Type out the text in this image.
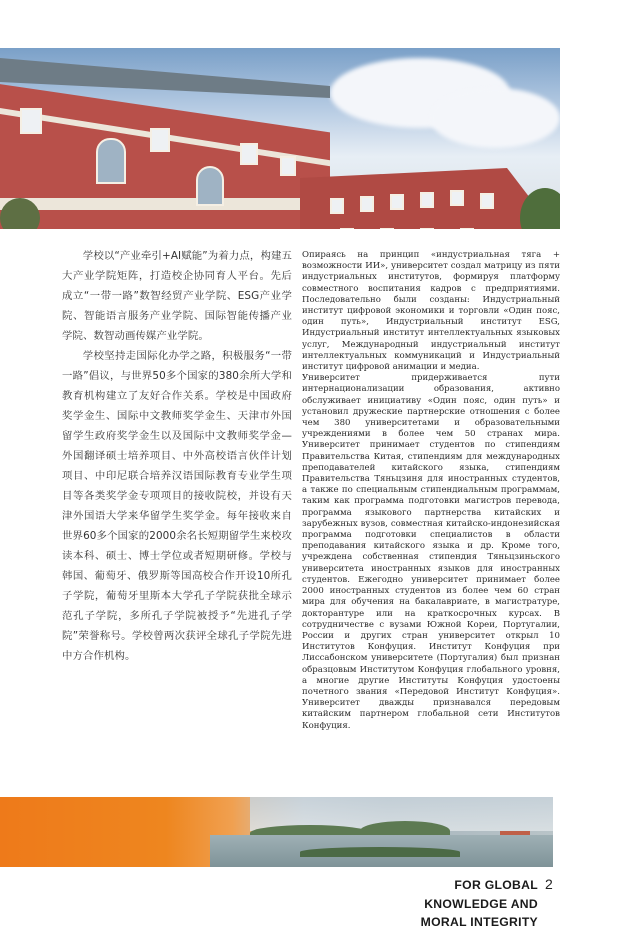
学校以“产业牵引+AI赋能”为着力点，构建五大产业学院矩阵，打造校企协同育人平台。先后成立“一带一路”数智经贸产业学院、ESG产业学院、智能语言服务产业学院、国际智能传播产业学院、数智动画传媒产业学院。

学校坚持走国际化办学之路，积极服务“一带一路”倡议，与世界50多个国家的380余所大学和教育机构建立了友好合作关系。学校是中国政府奖学金生、国际中文教师奖学金生、天津市外国留学生政府奖学金生以及国际中文教师奖学金—外国翻译硕士培养项目、中外高校语言伙伴计划项目、中印尼联合培养汉语国际教育专业学生项目等各类奖学金专项项目的接收院校，并设有天津外国语大学来华留学生奖学金。每年接收来自世界60多个国家的2000余名长短期留学生来校攻读本科、硕士、博士学位或者短期研修。学校与韩国、葡萄牙、俄罗斯等国高校合作开设10所孔子学院，葡萄牙里斯本大学孔子学院获批全球示范孔子学院，多所孔子学院被授予“先进孔子学院”荣誉称号。学校曾两次获评全球孔子学院先进中方合作机构。

Опираясь на принцип «индустриальная тяга + возможности ИИ», университет создал матрицу из пяти индустриальных институтов, формируя платформу совместного воспитания кадров с предприятиями. Последовательно были созданы: Индустриальный институт цифровой экономики и торговли «Один пояс, один путь», Индустриальный институт ESG, Индустриальный институт интеллектуальных языковых услуг, Международный индустриальный институт интеллектуальных коммуникаций и Индустриальный институт цифровой анимации и медиа.

Университет придерживается пути интернационализации образования, активно обслуживает инициативу «Один пояс, один путь» и установил дружеские партнерские отношения с более чем 380 университетами и образовательными учреждениями в более чем 50 странах мира. Университет принимает студентов по стипендиям Правительства Китая, стипендиям для международных преподавателей китайского языка, стипендиям Правительства Тяньцзиня для иностранных студентов, а также по специальным стипендиальным программам, таким как программа подготовки магистров перевода, программа языкового партнерства китайских и зарубежных вузов, совместная китайско-индонезийская программа подготовки специалистов в области преподавания китайского языка и др. Кроме того, учреждена собственная стипендия Тяньцзиньского университета иностранных языков для иностранных студентов. Ежегодно университет принимает более 2000 иностранных студентов из более чем 60 стран мира для обучения на бакалавриате, в магистратуре, докторантуре или на краткосрочных курсах. В сотрудничестве с вузами Южной Кореи, Португалии, России и других стран университет открыл 10 Институтов Конфуция. Институт Конфуция при Лиссабонском университете (Португалия) был признан образцовым Институтом Конфуция глобального уровня, а многие другие Институты Конфуция удостоены почетного звания «Передовой Институт Конфуция». Университет дважды признавался передовым китайским партнером глобальной сети Институтов Конфуция.

FOR GLOBAL
KNOWLEDGE AND
MORAL INTEGRITY
2
